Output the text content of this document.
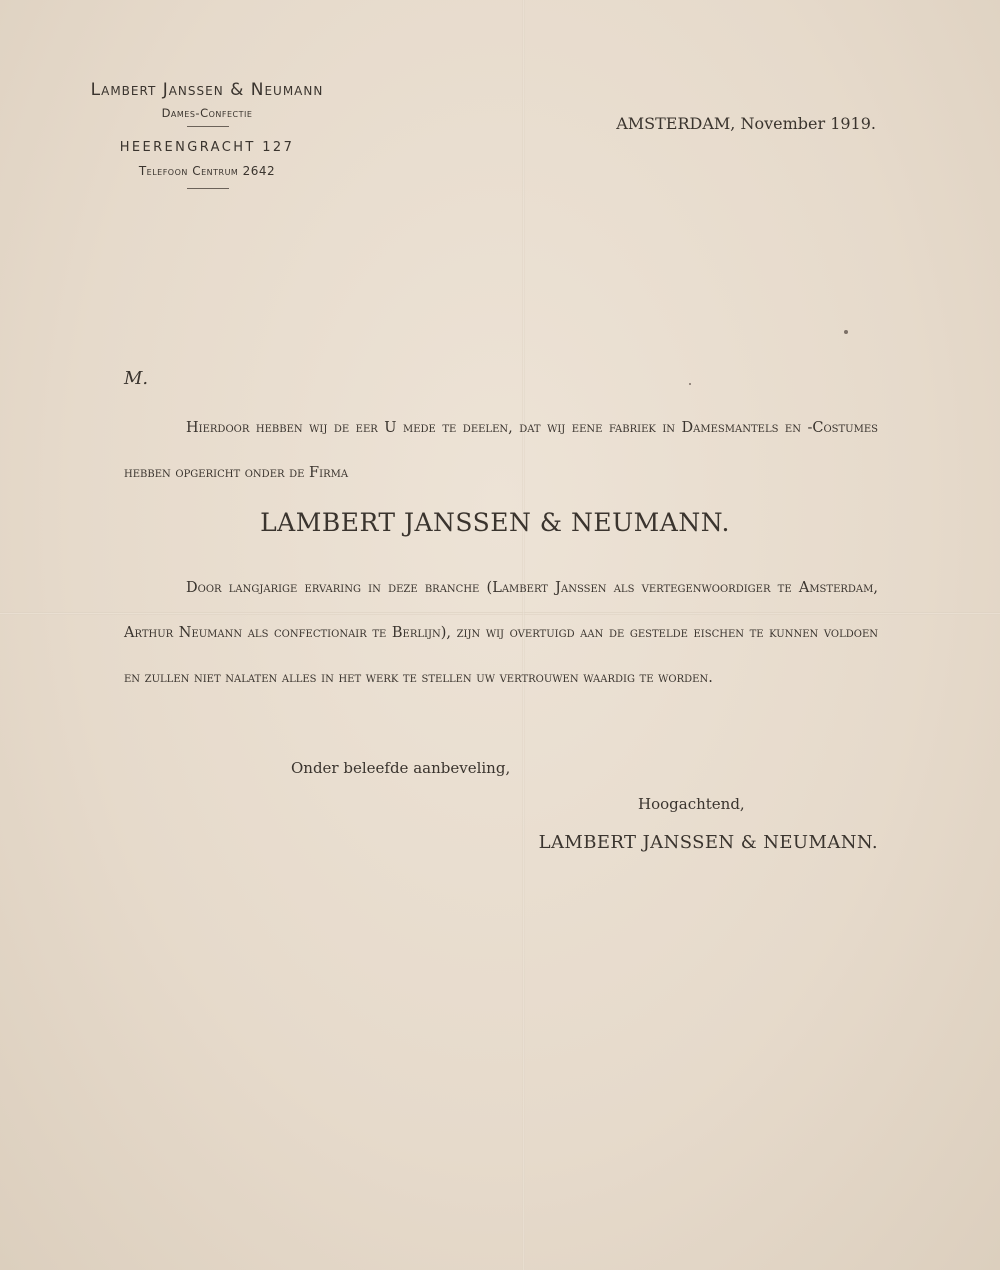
Lambert Janssen & Neumann
Dames-Confectie
HEERENGRACHT 127
Telefoon Centrum 2642
AMSTERDAM, November 1919.
M.
Hierdoor hebben wij de eer U mede te deelen, dat wij eene fabriek in Damesmantels en -Costumes hebben opgericht onder de Firma
LAMBERT JANSSEN & NEUMANN.
Door langjarige ervaring in deze branche (Lambert Janssen als vertegenwoordiger te Amsterdam, Arthur Neumann als confectionair te Berlijn), zijn wij overtuigd aan de gestelde eischen te kunnen voldoen en zullen niet nalaten alles in het werk te stellen uw vertrouwen waardig te worden.
Onder beleefde aanbeveling,
Hoogachtend,
LAMBERT JANSSEN & NEUMANN.
